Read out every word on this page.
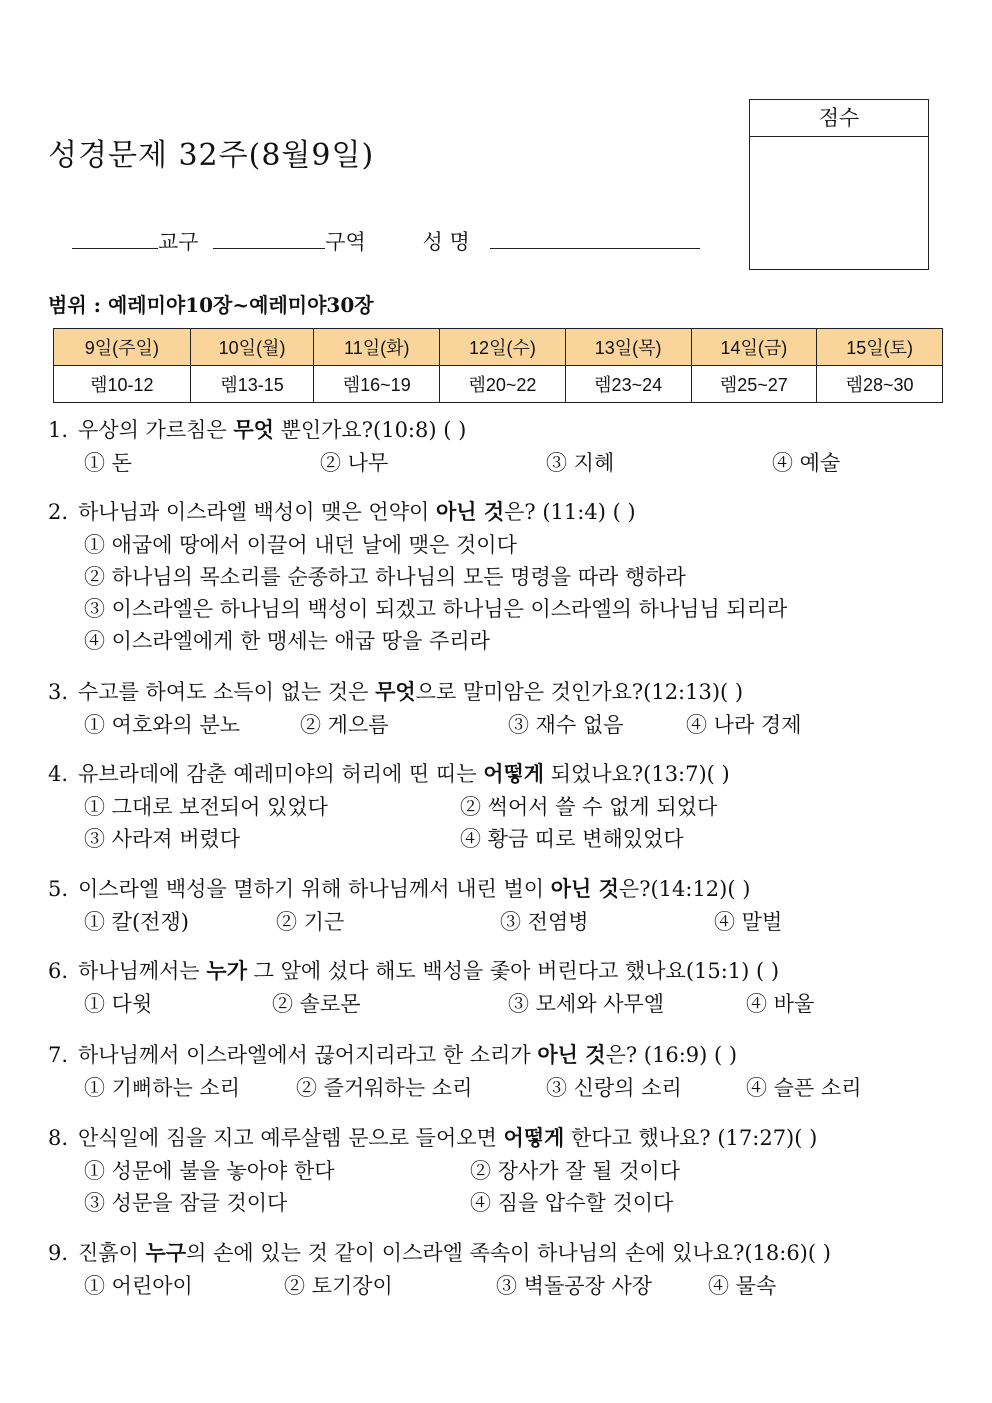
성경문제 32주(8월9일)
점수
교구	구역	성 명
범위 : 예레미야10장~예레미야30장
9일(주일)	10일(월)	11일(화)	12일(수)	13일(목)	14일(금)	15일(토)
렘10-12	렘13-15	렘16~19	렘20~22	렘23~24	렘25~27	렘28~30
1. 우상의 가르침은 무엇 뿐인가요?(10:8) ( )
① 돈	② 나무	③ 지혜	④ 예술
2. 하나님과 이스라엘 백성이 맺은 언약이 아닌 것은? (11:4) ( )
① 애굽에 땅에서 이끌어 내던 날에 맺은 것이다
② 하나님의 목소리를 순종하고 하나님의 모든 명령을 따라 행하라
③ 이스라엘은 하나님의 백성이 되겠고 하나님은 이스라엘의 하나님님 되리라
④ 이스라엘에게 한 맹세는 애굽 땅을 주리라
3. 수고를 하여도 소득이 없는 것은 무엇으로 말미암은 것인가요?(12:13)( )
① 여호와의 분노	② 게으름	③ 재수 없음	④ 나라 경제
4. 유브라데에 감춘 예레미야의 허리에 띤 띠는 어떻게 되었나요?(13:7)( )
① 그대로 보전되어 있었다	② 썩어서 쓸 수 없게 되었다
③ 사라져 버렸다	④ 황금 띠로 변해있었다
5. 이스라엘 백성을 멸하기 위해 하나님께서 내린 벌이 아닌 것은?(14:12)( )
① 칼(전쟁)	② 기근	③ 전염병	④ 말벌
6. 하나님께서는 누가 그 앞에 섰다 해도 백성을 좇아 버린다고 했나요(15:1) ( )
① 다윗	② 솔로몬	③ 모세와 사무엘	④ 바울
7. 하나님께서 이스라엘에서 끊어지리라고 한 소리가 아닌 것은? (16:9) ( )
① 기뻐하는 소리	② 즐거워하는 소리	③ 신랑의 소리	④ 슬픈 소리
8. 안식일에 짐을 지고 예루살렘 문으로 들어오면 어떻게 한다고 했나요? (17:27)( )
① 성문에 불을 놓아야 한다	② 장사가 잘 될 것이다
③ 성문을 잠글 것이다	④ 짐을 압수할 것이다
9. 진흙이 누구의 손에 있는 것 같이 이스라엘 족속이 하나님의 손에 있나요?(18:6)( )
① 어린아이	② 토기장이	③ 벽돌공장 사장	④ 물속
